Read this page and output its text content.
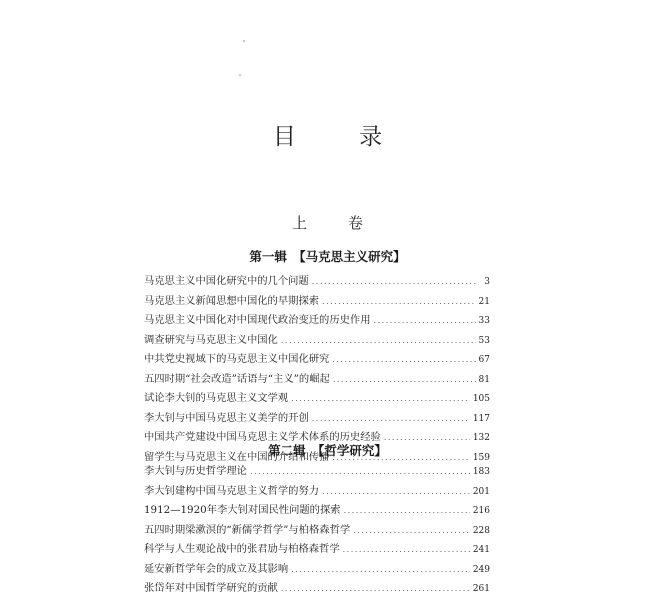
目 录
上 卷
第一辑　【马克思主义研究】
马克思主义中国化研究中的几个问题 .....	3
马克思主义新闻思想中国化的早期探索 .....	21
马克思主义中国化对中国现代政治变迁的历史作用 .....	33
调查研究与马克思主义中国化 .....	53
中共党史视域下的马克思主义中国化研究 .....	67
五四时期“社会改造”话语与“主义”的崛起 .....	81
试论李大钊的马克思主义文学观 .....	105
李大钊与中国马克思主义美学的开创 .....	117
中国共产党建设中国马克思主义学术体系的历史经验 .....	132
留学生与马克思主义在中国的介绍和传播 .....	159
第二辑　【哲学研究】
李大钊与历史哲学理论 .....	183
李大钊建构中国马克思主义哲学的努力 .....	201
1912—1920年李大钊对国民性问题的探索 .....	216
五四时期梁漱溟的“新儒学哲学”与柏格森哲学 .....	228
科学与人生观论战中的张君劢与柏格森哲学 .....	241
延安新哲学年会的成立及其影响 .....	249
张岱年对中国哲学研究的贡献 .....	261
